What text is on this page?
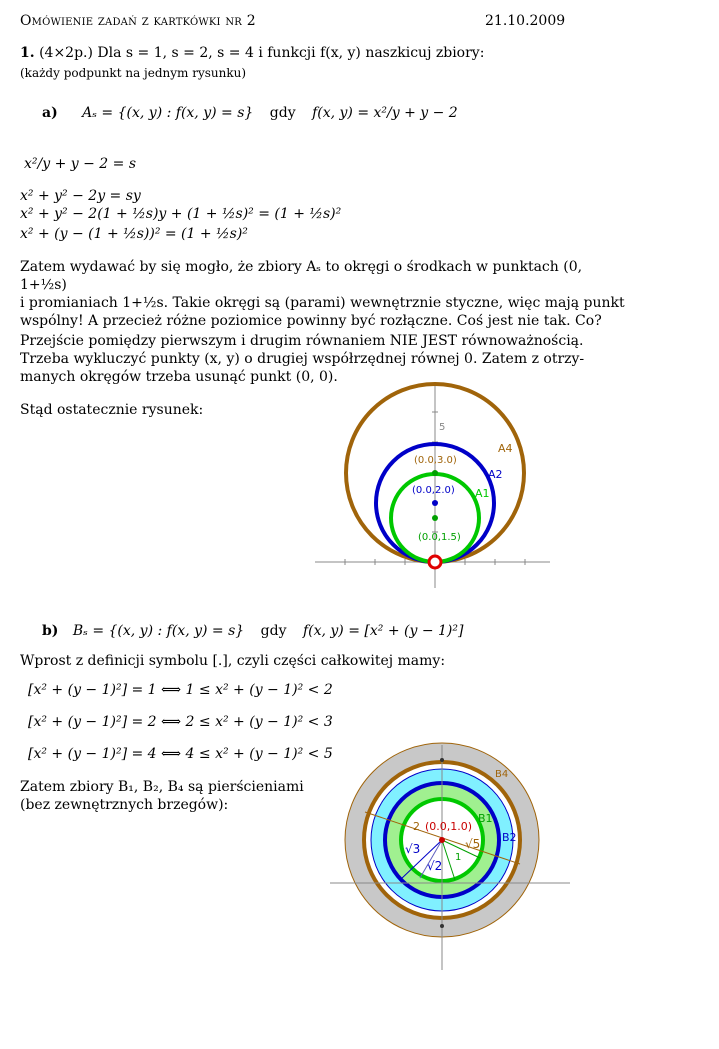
Omówienie zadań z kartkówki nr 2	21.10.2009
1. (4×2p.) Dla s = 1, s = 2, s = 4 i funkcji f(x, y) naszkicuj zbiory:
(każdy podpunkt na jednym rysunku)
a) Aₛ = {(x, y) : f(x, y) = s} gdy f(x, y) = x²/y + y − 2
x²/y + y − 2 = s
x² + y² − 2y = sy
x² + y² − 2(1 + ½s)y + (1 + ½s)² = (1 + ½s)²
x² + (y − (1 + ½s))² = (1 + ½s)²
Zatem wydawać by się mogło, że zbiory Aₛ to okręgi o środkach w punktach (0, 1+½s)
i promianiach 1+½s. Takie okręgi są (parami) wewnętrznie styczne, więc mają punkt
wspólny! A przecież różne poziomice powinny być rozłączne. Coś jest nie tak. Co?
Przejście pomiędzy pierwszym i drugim równaniem NIE JEST równoważnością.
Trzeba wykluczyć punkty (x, y) o drugiej współrzędnej równej 0. Zatem z otrzy-
manych okręgów trzeba usunąć punkt (0, 0).
Stąd ostatecznie rysunek:
5
(0.0,3.0)
(0.0,2.0)
(0.0,1.5)
A4
A2
A1
b) Bₛ = {(x, y) : f(x, y) = s} gdy f(x, y) = [x² + (y − 1)²]
Wprost z definicji symbolu [.], czyli części całkowitej mamy:
[x² + (y − 1)²] = 1 ⟺ 1 ≤ x² + (y − 1)² < 2
[x² + (y − 1)²] = 2 ⟺ 2 ≤ x² + (y − 1)² < 3
[x² + (y − 1)²] = 4 ⟺ 4 ≤ x² + (y − 1)² < 5
Zatem zbiory B₁, B₂, B₄ są pierścieniami
(bez zewnętrznych brzegów):
(0.0,1.0)
2
√3	√5
√2
1
B4
B1
B2
